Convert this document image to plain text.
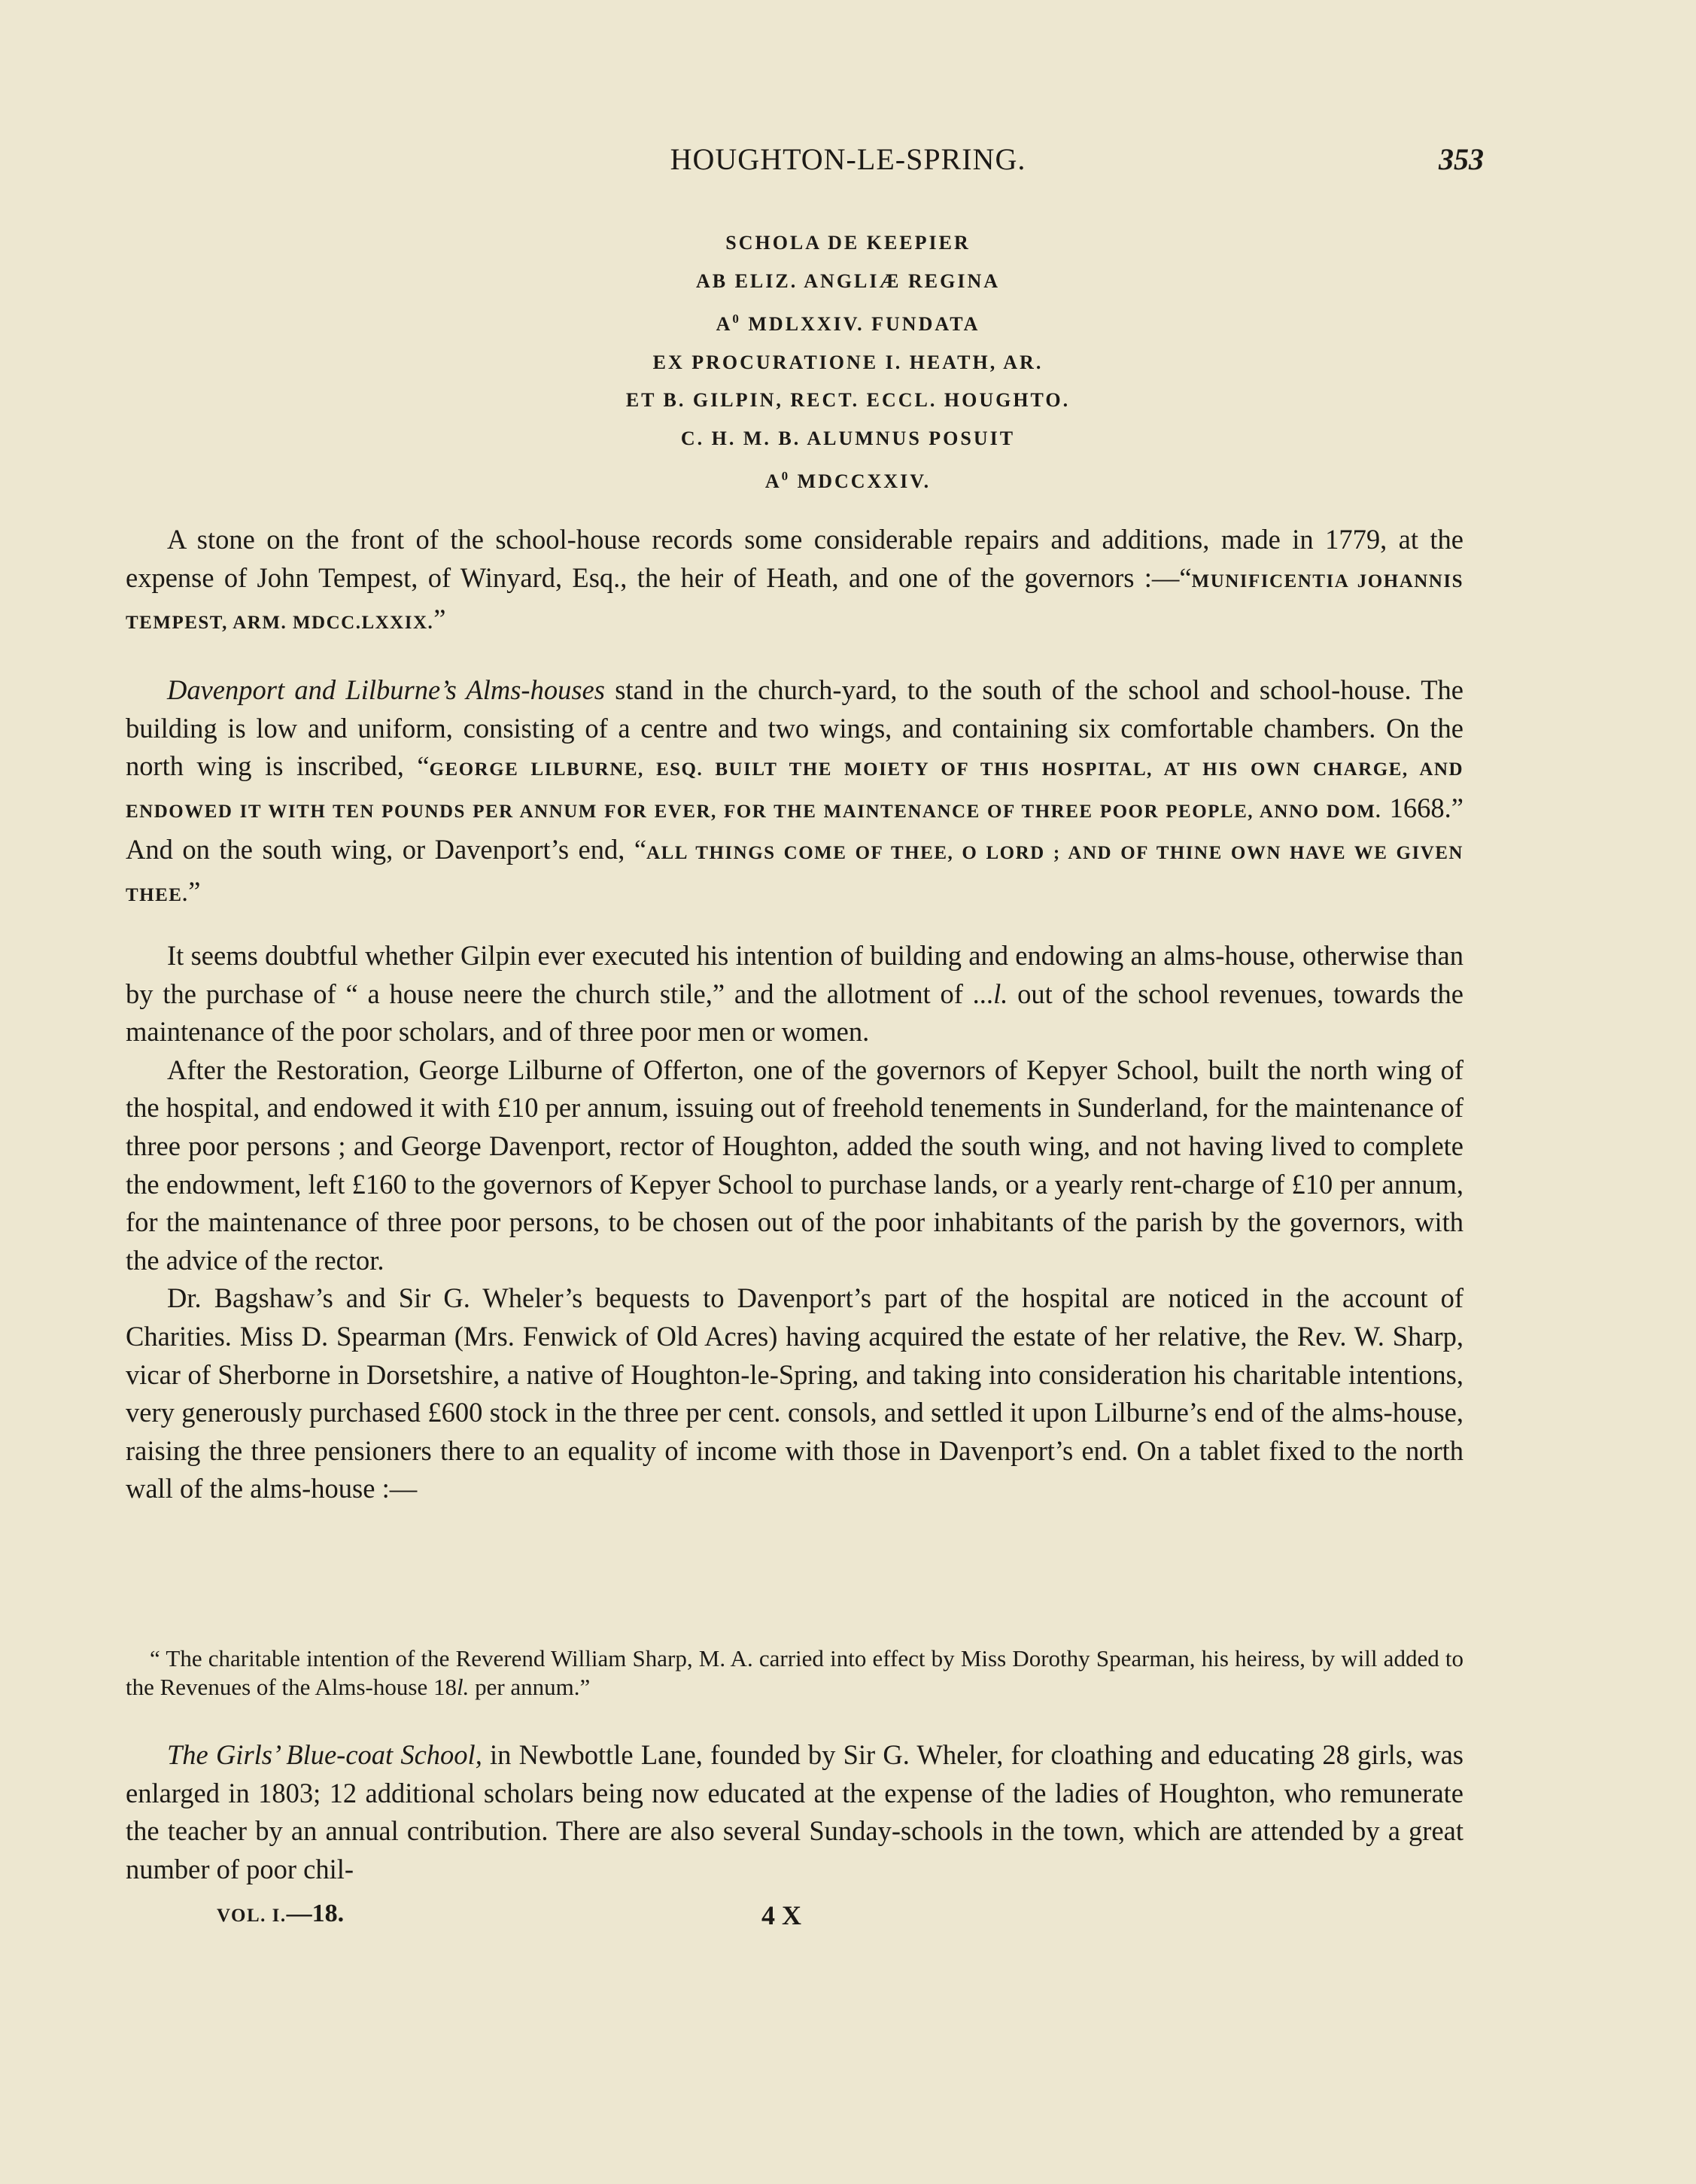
HOUGHTON-LE-SPRING.	353
SCHOLA DE KEEPIER
AB ELIZ. ANGLIÆ REGINA
$A^0$ MDLXXIV. FUNDATA
EX PROCURATIONE I. HEATH, AR.
ET B. GILPIN, RECT. ECCL. HOUGHTO.
C. H. M. B. ALUMNUS POSUIT
$A^0$ MDCCXXIV.

A stone on the front of the school-house records some considerable repairs and additions, made in 1779, at the expense of John Tempest, of Winyard, Esq., the heir of Heath, and one of the governors :—“MUNIFICENTIA JOHANNIS TEMPEST, ARM. MDCC.LXXIX.”

Davenport and Lilburne’s Alms-houses stand in the church-yard, to the south of the school and school-house. The building is low and uniform, consisting of a centre and two wings, and containing six comfortable chambers. On the north wing is inscribed, “GEORGE LILBURNE, ESQ. BUILT THE MOIETY OF THIS HOSPITAL, AT HIS OWN CHARGE, AND ENDOWED IT WITH TEN POUNDS PER ANNUM FOR EVER, FOR THE MAINTENANCE OF THREE POOR PEOPLE, ANNO DOM. 1668.” And on the south wing, or Davenport’s end, “ALL THINGS COME OF THEE, O LORD ; AND OF THINE OWN HAVE WE GIVEN THEE.”

It seems doubtful whether Gilpin ever executed his intention of building and endowing an alms-house, otherwise than by the purchase of “ a house neere the church stile,” and the allotment of ...l. out of the school revenues, towards the maintenance of the poor scholars, and of three poor men or women.

After the Restoration, George Lilburne of Offerton, one of the governors of Kepyer School, built the north wing of the hospital, and endowed it with £10 per annum, issuing out of freehold tenements in Sunderland, for the maintenance of three poor persons ; and George Davenport, rector of Houghton, added the south wing, and not having lived to complete the endowment, left £160 to the governors of Kepyer School to purchase lands, or a yearly rent-charge of £10 per annum, for the maintenance of three poor persons, to be chosen out of the poor inhabitants of the parish by the governors, with the advice of the rector.

Dr. Bagshaw’s and Sir G. Wheler’s bequests to Davenport’s part of the hospital are noticed in the account of Charities. Miss D. Spearman (Mrs. Fenwick of Old Acres) having acquired the estate of her relative, the Rev. W. Sharp, vicar of Sherborne in Dorsetshire, a native of Houghton-le-Spring, and taking into consideration his charitable intentions, very generously purchased £600 stock in the three per cent. consols, and settled it upon Lilburne’s end of the alms-house, raising the three pensioners there to an equality of income with those in Davenport’s end. On a tablet fixed to the north wall of the alms-house :—

“ The charitable intention of the Reverend William Sharp, M. A. carried into effect by Miss Dorothy Spearman, his heiress, by will added to the Revenues of the Alms-house 18l. per annum.”

The Girls’ Blue-coat School, in Newbottle Lane, founded by Sir G. Wheler, for cloathing and educating 28 girls, was enlarged in 1803; 12 additional scholars being now educated at the expense of the ladies of Houghton, who remunerate the teacher by an annual contribution. There are also several Sunday-schools in the town, which are attended by a great number of poor chil-

VOL. I.—18.	4 X
